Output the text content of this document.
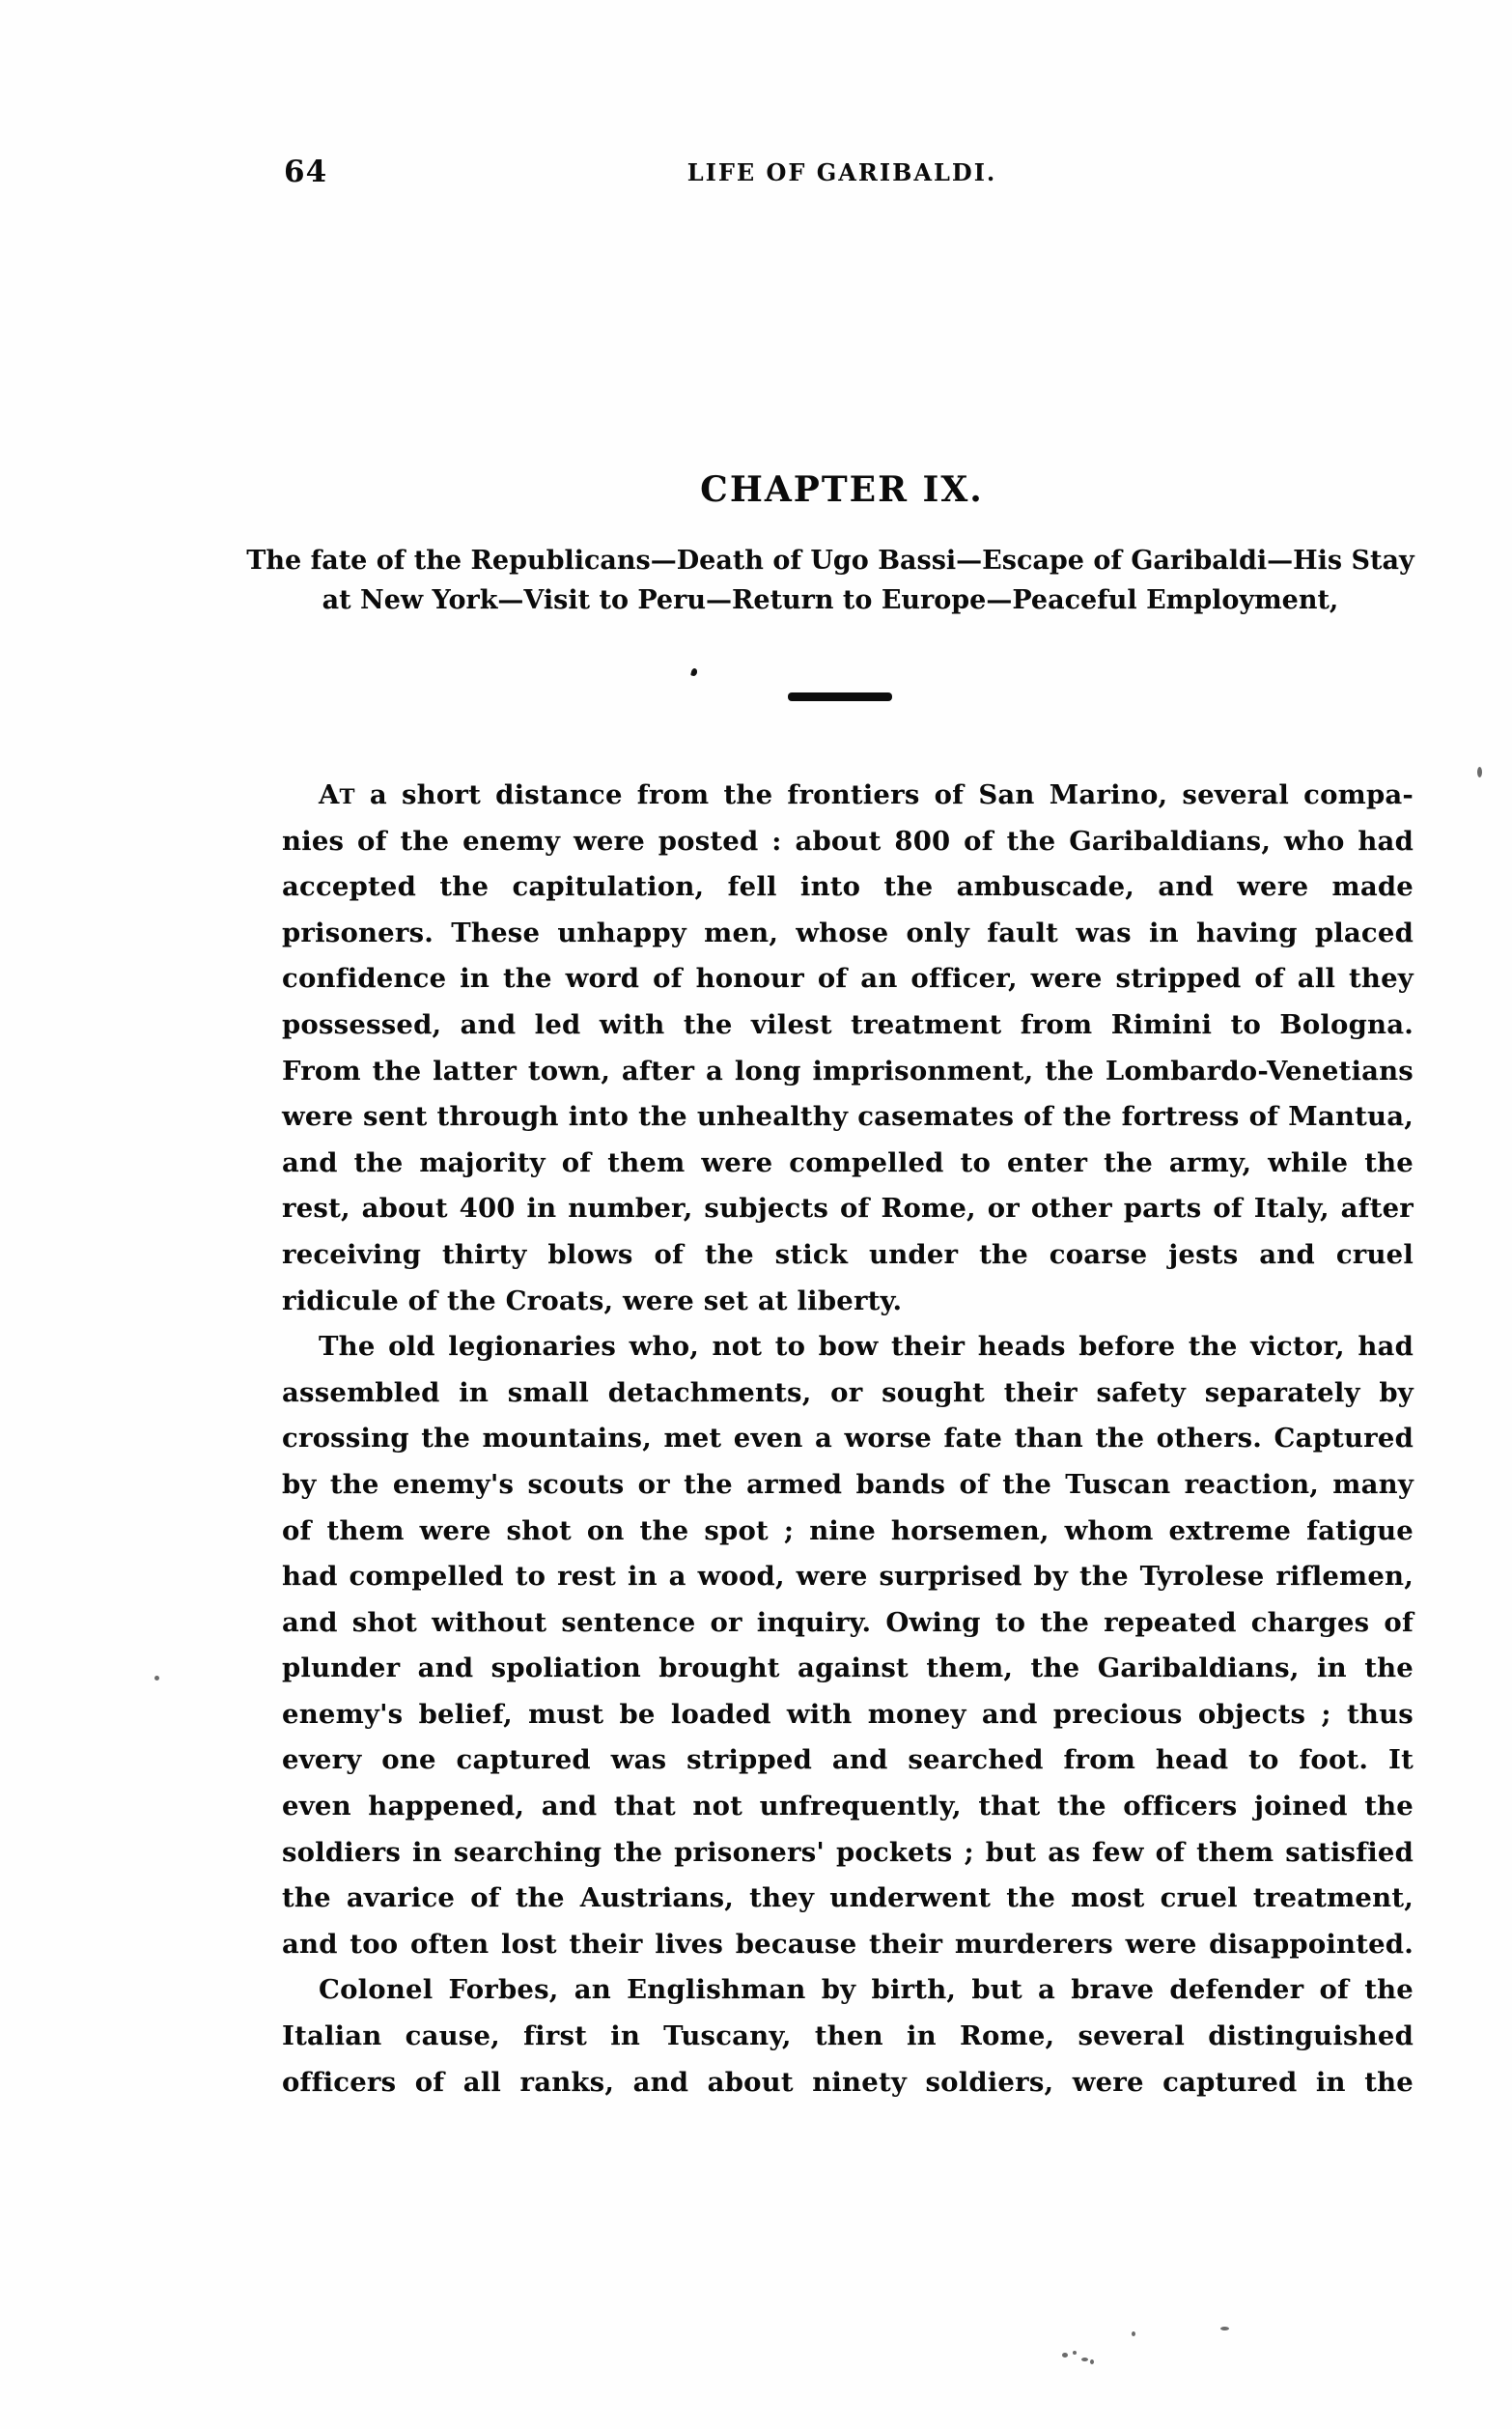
64	LIFE OF GARIBALDI.
CHAPTER IX.
The fate of the Republicans—Death of Ugo Bassi—Escape of Garibaldi—His Stay
at New York—Visit to Peru—Return to Europe—Peaceful Employment,
AT a short distance from the frontiers of San Marino, several compa-
nies of the enemy were posted : about 800 of the Garibaldians, who had
accepted the capitulation, fell into the ambuscade, and were made
prisoners. These unhappy men, whose only fault was in having placed
confidence in the word of honour of an officer, were stripped of all they
possessed, and led with the vilest treatment from Rimini to Bologna.
From the latter town, after a long imprisonment, the Lombardo-Venetians
were sent through into the unhealthy casemates of the fortress of Mantua,
and the majority of them were compelled to enter the army, while the
rest, about 400 in number, subjects of Rome, or other parts of Italy, after
receiving thirty blows of the stick under the coarse jests and cruel
ridicule of the Croats, were set at liberty.
The old legionaries who, not to bow their heads before the victor, had
assembled in small detachments, or sought their safety separately by
crossing the mountains, met even a worse fate than the others. Captured
by the enemy's scouts or the armed bands of the Tuscan reaction, many
of them were shot on the spot ; nine horsemen, whom extreme fatigue
had compelled to rest in a wood, were surprised by the Tyrolese riflemen,
and shot without sentence or inquiry. Owing to the repeated charges of
plunder and spoliation brought against them, the Garibaldians, in the
enemy's belief, must be loaded with money and precious objects ; thus
every one captured was stripped and searched from head to foot. It
even happened, and that not unfrequently, that the officers joined the
soldiers in searching the prisoners' pockets ; but as few of them satisfied
the avarice of the Austrians, they underwent the most cruel treatment,
and too often lost their lives because their murderers were disappointed.
Colonel Forbes, an Englishman by birth, but a brave defender of the
Italian cause, first in Tuscany, then in Rome, several distinguished
officers of all ranks, and about ninety soldiers, were captured in the
